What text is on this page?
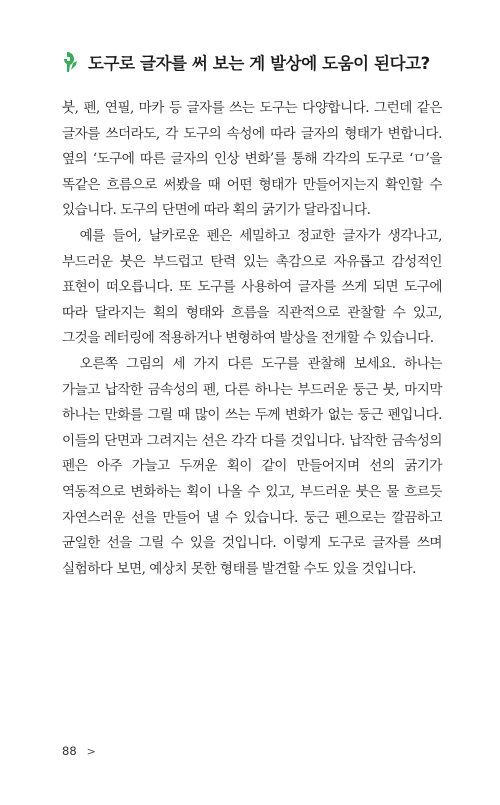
도구로 글자를 써 보는 게 발상에 도움이 된다고?

붓, 펜, 연필, 마카 등 글자를 쓰는 도구는 다양합니다. 그런데 같은 글자를 쓰더라도, 각 도구의 속성에 따라 글자의 형태가 변합니다. 옆의 ‘도구에 따른 글자의 인상 변화’를 통해 각각의 도구로 ‘ㅁ’을 똑같은 흐름으로 써봤을 때 어떤 형태가 만들어지는지 확인할 수 있습니다. 도구의 단면에 따라 획의 굵기가 달라집니다.

예를 들어, 날카로운 펜은 세밀하고 정교한 글자가 생각나고, 부드러운 붓은 부드럽고 탄력 있는 촉감으로 자유롭고 감성적인 표현이 떠오릅니다. 또 도구를 사용하여 글자를 쓰게 되면 도구에 따라 달라지는 획의 형태와 흐름을 직관적으로 관찰할 수 있고, 그것을 레터링에 적용하거나 변형하여 발상을 전개할 수 있습니다.

오른쪽 그림의 세 가지 다른 도구를 관찰해 보세요. 하나는 가늘고 납작한 금속성의 펜, 다른 하나는 부드러운 둥근 붓, 마지막 하나는 만화를 그릴 때 많이 쓰는 두께 변화가 없는 둥근 펜입니다. 이들의 단면과 그려지는 선은 각각 다를 것입니다. 납작한 금속성의 펜은 아주 가늘고 두꺼운 획이 같이 만들어지며 선의 굵기가 역동적으로 변화하는 획이 나올 수 있고, 부드러운 붓은 물 흐르듯 자연스러운 선을 만들어 낼 수 있습니다. 둥근 펜으로는 깔끔하고 균일한 선을 그릴 수 있을 것입니다. 이렇게 도구로 글자를 쓰며 실험하다 보면, 예상치 못한 형태를 발견할 수도 있을 것입니다.

88 >
